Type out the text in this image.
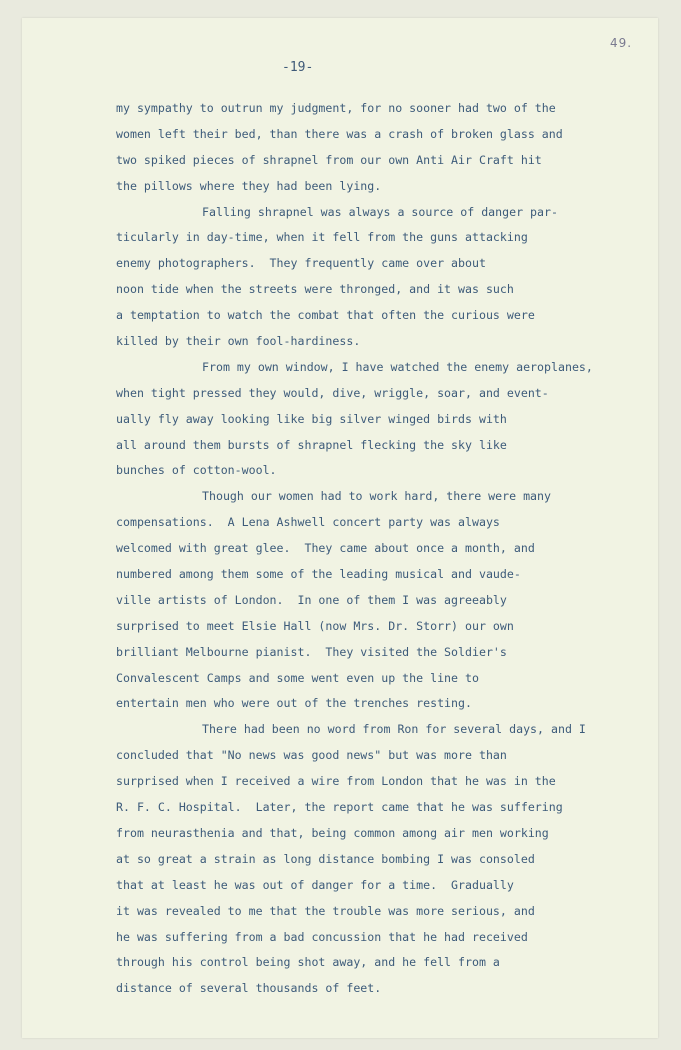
49.
-19-
my sympathy to outrun my judgment, for no sooner had two of the
women left their bed, than there was a crash of broken glass and
two spiked pieces of shrapnel from our own Anti Air Craft hit
the pillows where they had been lying.
Falling shrapnel was always a source of danger par-
ticularly in day-time, when it fell from the guns attacking
enemy photographers.  They frequently came over about
noon tide when the streets were thronged, and it was such
a temptation to watch the combat that often the curious were
killed by their own fool-hardiness.
From my own window, I have watched the enemy aeroplanes,
when tight pressed they would, dive, wriggle, soar, and event-
ually fly away looking like big silver winged birds with
all around them bursts of shrapnel flecking the sky like
bunches of cotton-wool.
Though our women had to work hard, there were many
compensations.  A Lena Ashwell concert party was always
welcomed with great glee.  They came about once a month, and
numbered among them some of the leading musical and vaude-
ville artists of London.  In one of them I was agreeably
surprised to meet Elsie Hall (now Mrs. Dr. Storr) our own
brilliant Melbourne pianist.  They visited the Soldier's
Convalescent Camps and some went even up the line to
entertain men who were out of the trenches resting.
There had been no word from Ron for several days, and I
concluded that "No news was good news" but was more than
surprised when I received a wire from London that he was in the
R. F. C. Hospital.  Later, the report came that he was suffering
from neurasthenia and that, being common among air men working
at so great a strain as long distance bombing I was consoled
that at least he was out of danger for a time.  Gradually
it was revealed to me that the trouble was more serious, and
he was suffering from a bad concussion that he had received
through his control being shot away, and he fell from a
distance of several thousands of feet.
